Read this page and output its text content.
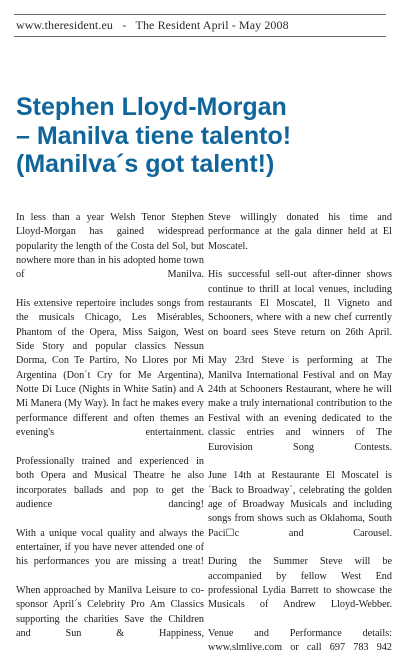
www.theresident.eu - The Resident April - May 2008
Stephen Lloyd-Morgan
– Manilva tiene talento!
(Manilva´s got talent!)

In less than a year Welsh Tenor Stephen Lloyd-Morgan has gained widespread popularity the length of the Costa del Sol, but nowhere more than in his adopted home town of Manilva.

His extensive repertoire includes songs from the musicals Chicago, Les Misérables, Phantom of the Opera, Miss Saigon, West Side Story and popular classics Nessun Dorma, Con Te Partiro, No Llores por Mi Argentina (Don´t Cry for Me Argentina), Notte Di Luce (Nights in White Satin) and A Mi Manera (My Way). In fact he makes every performance different and often themes an evening's entertainment.

Professionally trained and experienced in both Opera and Musical Theatre he also incorporates ballads and pop to get the audience dancing!

With a unique vocal quality and always the entertainer, if you have never attended one of his performances you are missing a treat!

When approached by Manilva Leisure to co-sponsor April´s Celebrity Pro Am Classics supporting the charities Save the Children and Sun & Happiness,

Steve willingly donated his time and performance at the gala dinner held at El Moscatel.

His successful sell-out after-dinner shows continue to thrill at local venues, including restaurants El Moscatel, Il Vigneto and Schooners, where with a new chef currently on board sees Steve return on 26th April.

May 23rd Steve is performing at The Manilva International Festival and on May 24th at Schooners Restaurant, where he will make a truly international contribution to the Festival with an evening dedicated to the classic entries and winners of The Eurovision Song Contests.

June 14th at Restaurante El Moscatel is ´Back to Broadway´, celebrating the golden age of Broadway Musicals and including songs from shows such as Oklahoma, South Paci☐c and Carousel.

During the Summer Steve will be accompanied by fellow West End professional Lydia Barrett to showcase the Musicals of Andrew Lloyd-Webber.

Venue and Performance details: www.slmlive.com or call 697 783 942
